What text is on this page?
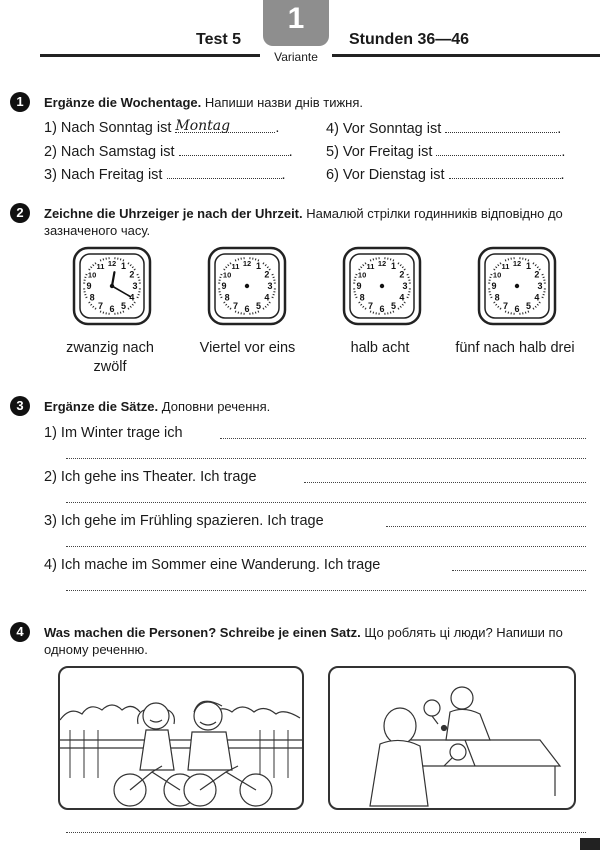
Test 5	Stunden 36—46
1
Variante
1	Ergänze die Wochentage. Напиши назви днів тижня.
1) Nach Sonntag ist Montag	.
2) Nach Samstag ist	.
3) Nach Freitag ist	.
4) Vor Sonntag ist	.
5) Vor Freitag ist	.
6) Vor Dienstag ist	.
2	Zeichne die Uhrzeiger je nach der Uhrzeit. Намалюй стрілки годинників відповідно до зазначеного часу.
12 1
2
3
4
5
6
7
8
9
10
11	12 1
2
3
4
5
6
7
8
9
10
11	12 1
2
3
4
5
6
7
8
9
10
11	12 1
2
3
4
5
6
7
8
9
10
11
zwanzig nach zwölf
Viertel vor eins	halb acht	fünf nach halb drei
3	Ergänze die Sätze. Доповни речення.
1) Im Winter trage ich
2) Ich gehe ins Theater. Ich trage
3) Ich gehe im Frühling spazieren. Ich trage
4) Ich mache im Sommer eine Wanderung. Ich trage
4	Was machen die Personen? Schreibe je einen Satz. Що роблять ці люди? Напиши по одному реченню.
